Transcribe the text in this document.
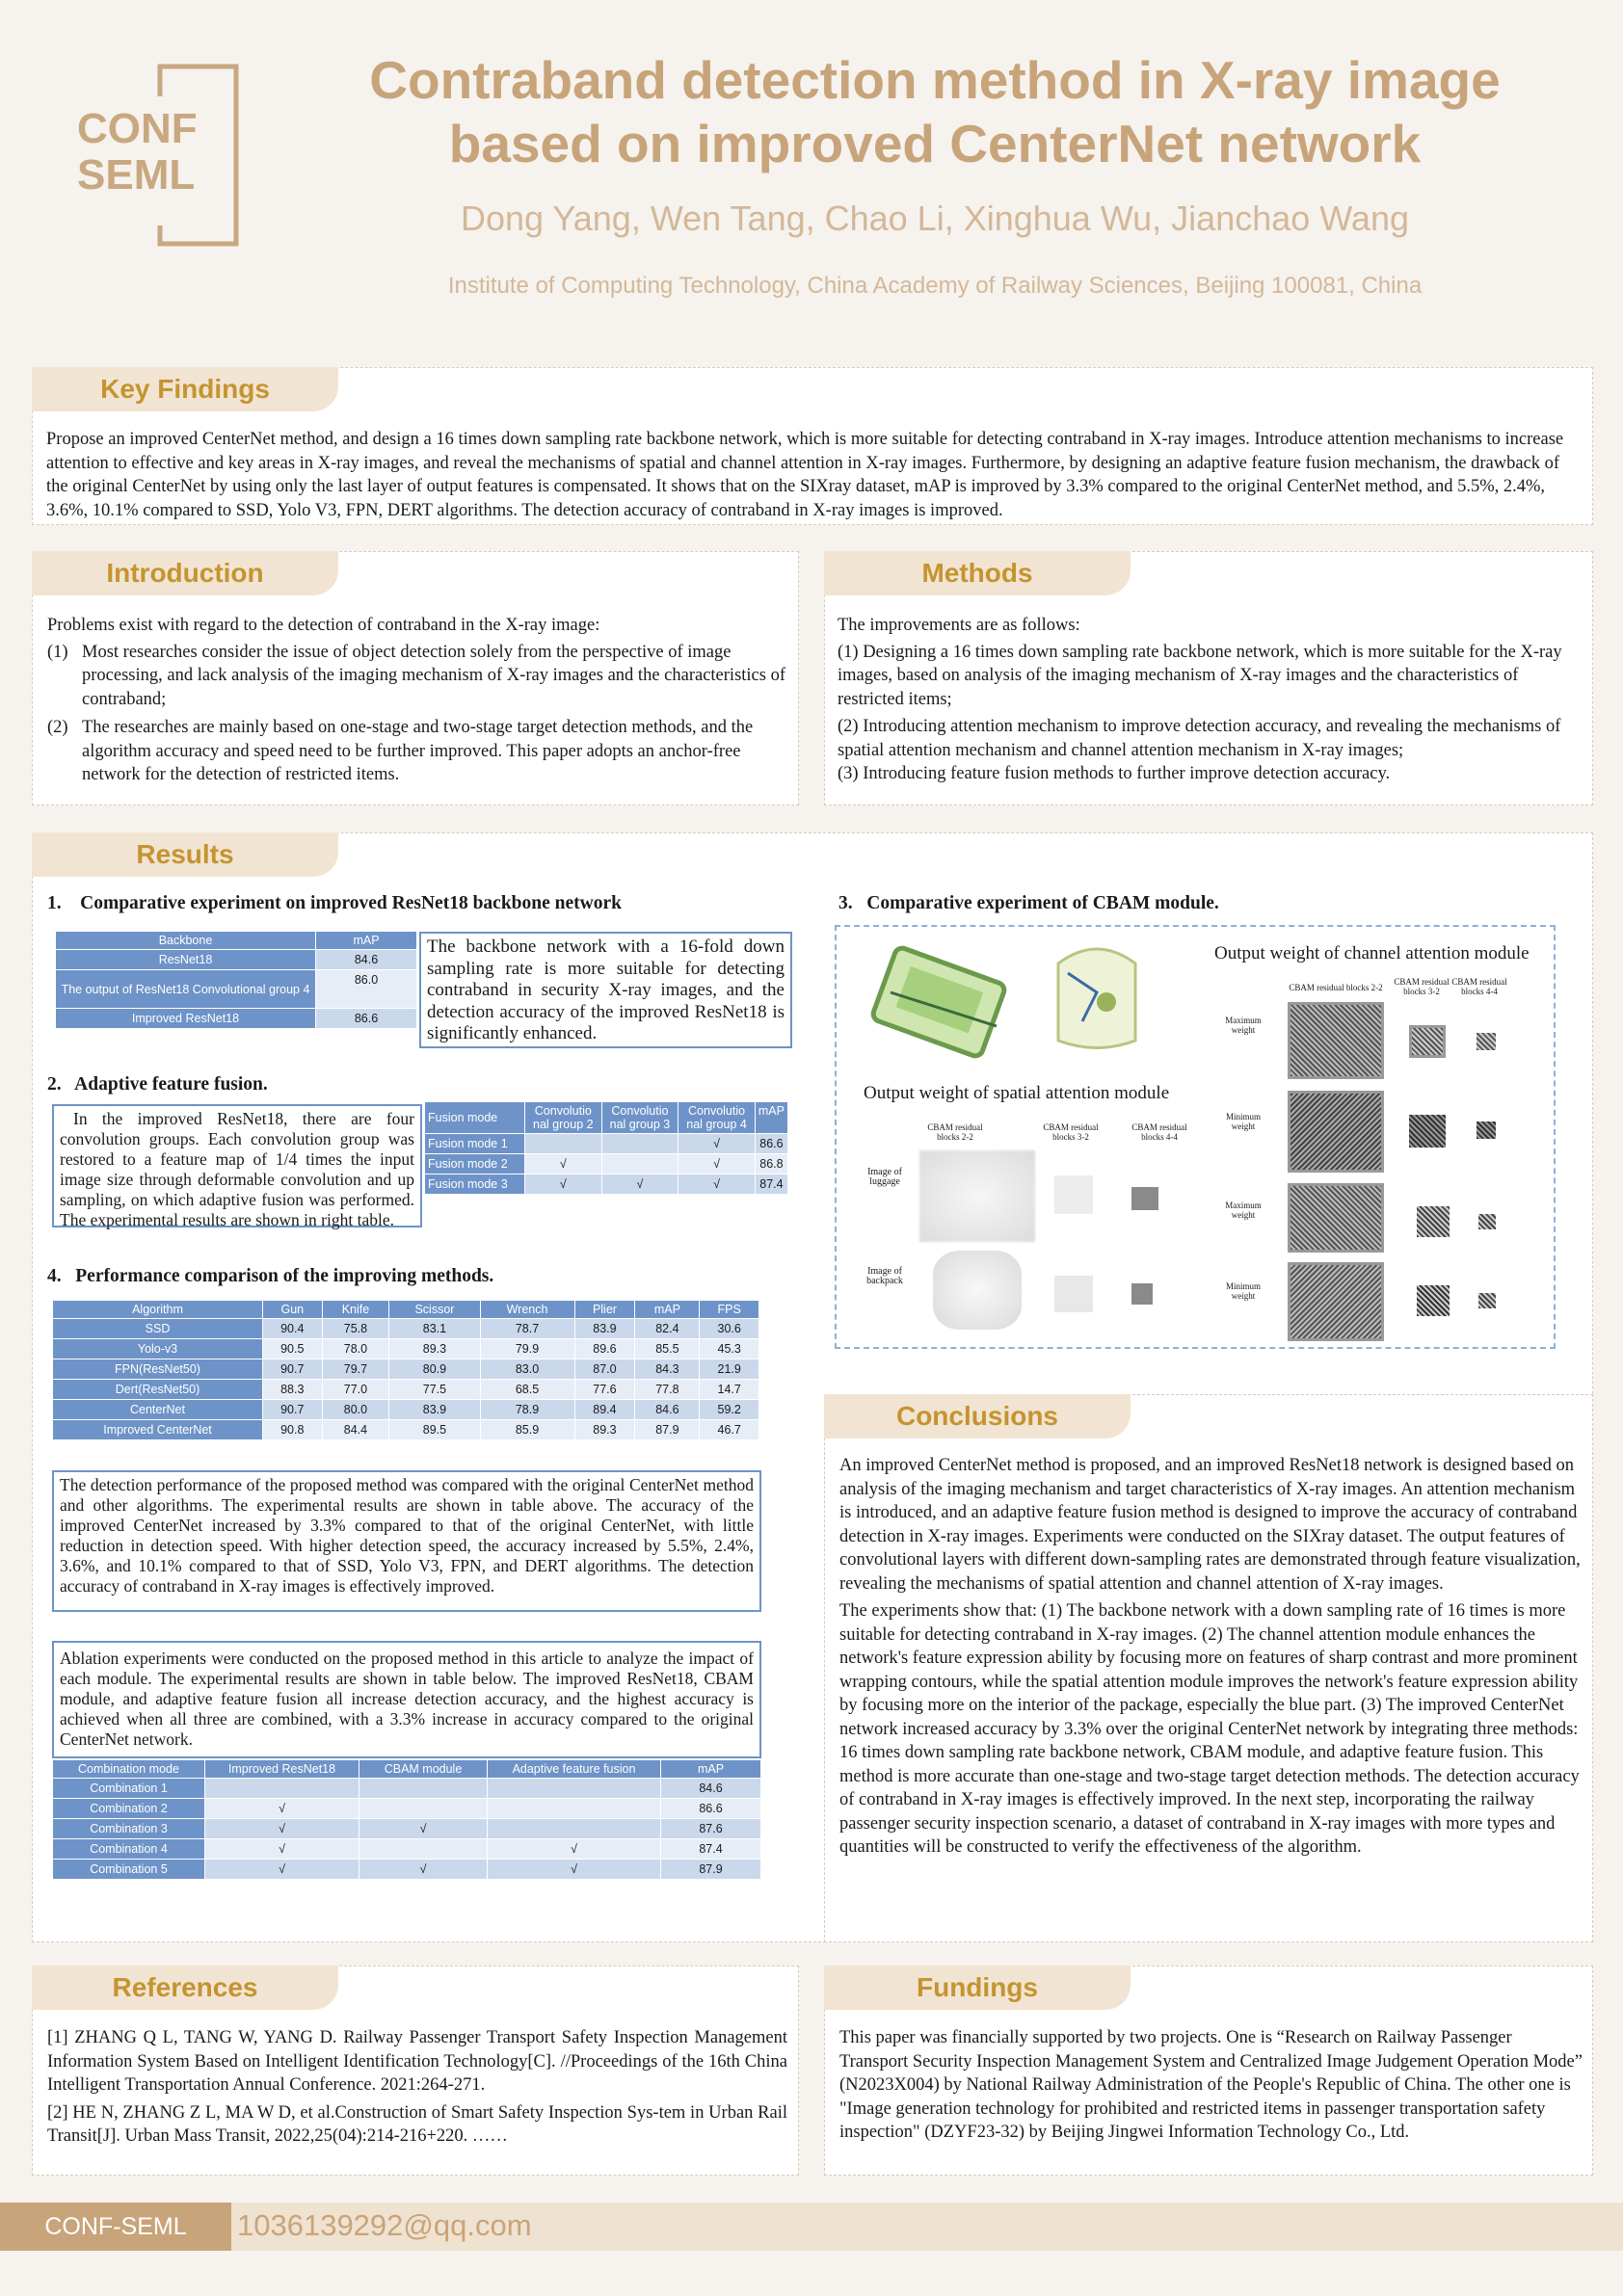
CONF
SEML
Contraband detection method in X-ray image
based on improved CenterNet network
Dong Yang, Wen Tang, Chao Li, Xinghua Wu, Jianchao Wang
Institute of Computing Technology, China Academy of Railway Sciences, Beijing 100081, China
Key Findings
Propose an improved CenterNet method, and design a 16 times down sampling rate backbone network, which is more suitable for detecting contraband in X-ray images. Introduce attention mechanisms to increase attention to effective and key areas in X-ray images, and reveal the mechanisms of spatial and channel attention in X-ray images. Furthermore, by designing an adaptive feature fusion mechanism, the drawback of the original CenterNet by using only the last layer of output features is compensated. It shows that on the SIXray dataset, mAP is improved by 3.3% compared to the original CenterNet method, and 5.5%, 2.4%, 3.6%, 10.1% compared to SSD, Yolo V3, FPN, DERT algorithms. The detection accuracy of contraband in X-ray images is improved.
Introduction
Problems exist with regard to the detection of contraband in the X-ray image:
(1) Most researches consider the issue of object detection solely from the perspective of image processing, and lack analysis of the imaging mechanism of X-ray images and the characteristics of contraband;
(2) The researches are mainly based on one-stage and two-stage target detection methods, and the algorithm accuracy and speed need to be further improved. This paper adopts an anchor-free network for the detection of restricted items.
Methods
The improvements are as follows:
(1) Designing a 16 times down sampling rate backbone network, which is more suitable for the X-ray images, based on analysis of the imaging mechanism of X-ray images and the characteristics of restricted items;
(2) Introducing attention mechanism to improve detection accuracy, and revealing the mechanisms of spatial attention mechanism and channel attention mechanism in X-ray images;
(3) Introducing feature fusion methods to further improve detection accuracy.
Results
1.    Comparative experiment on improved ResNet18 backbone network
Backbone	mAP
ResNet18	84.6
The output of ResNet18 Convolutional group 4	86.0
Improved ResNet18	86.6
The backbone network with a 16-fold down sampling rate is more suitable for detecting contraband in security X-ray images, and the detection accuracy of the improved ResNet18 is significantly enhanced.
2.   Adaptive feature fusion.
In the improved ResNet18, there are four convolution groups. Each convolution group was restored to a feature map of 1/4 times the input image size through deformable convolution and up sampling, on which adaptive fusion was performed. The experimental results are shown in right table.
Fusion mode	Convolutio nal group 2	Convolutio nal group 3	Convolutio nal group 4	mAP
Fusion mode 1			√	86.6
Fusion mode 2	√		√	86.8
Fusion mode 3	√	√	√	87.4
4.   Performance comparison of the improving methods.
Algorithm	Gun	Knife	Scissor	Wrench	Plier	mAP	FPS
SSD	90.4	75.8	83.1	78.7	83.9	82.4	30.6
Yolo-v3	90.5	78.0	89.3	79.9	89.6	85.5	45.3
FPN(ResNet50)	90.7	79.7	80.9	83.0	87.0	84.3	21.9
Dert(ResNet50)	88.3	77.0	77.5	68.5	77.6	77.8	14.7
CenterNet	90.7	80.0	83.9	78.9	89.4	84.6	59.2
Improved CenterNet	90.8	84.4	89.5	85.9	89.3	87.9	46.7
The detection performance of the proposed method was compared with the original CenterNet method and other algorithms. The experimental results are shown in table above. The accuracy of the improved CenterNet increased by 3.3% compared to that of the original CenterNet, with little reduction in detection speed. With higher detection speed, the accuracy increased by 5.5%, 2.4%, 3.6%, and 10.1% compared to that of SSD, Yolo V3, FPN, and DERT algorithms. The detection accuracy of contraband in X-ray images is effectively improved.
Ablation experiments were conducted on the proposed method in this article to analyze the impact of each module. The experimental results are shown in table below. The improved ResNet18, CBAM module, and adaptive feature fusion all increase detection accuracy, and the highest accuracy is achieved when all three are combined, with a 3.3% increase in accuracy compared to the original CenterNet network.
Combination mode	Improved ResNet18	CBAM module	Adaptive feature fusion	mAP
Combination 1				84.6
Combination 2	√			86.6
Combination 3	√	√		87.6
Combination 4	√		√	87.4
Combination 5	√	√	√	87.9
3.   Comparative experiment of CBAM module.
Output weight of channel attention module
CBAM residual blocks 2-2
CBAM residual blocks 3-2
CBAM residual blocks 4-4
Maximum weight
Minimum weight
Maximum weight
Minimum weight
Output weight of spatial attention module
CBAM residual blocks 2-2
CBAM residual blocks 3-2
CBAM residual blocks 4-4
Image of luggage
Image of backpack
Conclusions
An improved CenterNet method is proposed, and an improved ResNet18 network is designed based on analysis of the imaging mechanism and target characteristics of X-ray images. An attention mechanism is introduced, and an adaptive feature fusion method is designed to improve the accuracy of contraband detection in X-ray images. Experiments were conducted on the SIXray dataset. The output features of convolutional layers with different down-sampling rates are demonstrated through feature visualization, revealing the mechanisms of spatial attention and channel attention of X-ray images.
The experiments show that: (1) The backbone network with a down sampling rate of 16 times is more suitable for detecting contraband in X-ray images. (2) The channel attention module enhances the network's feature expression ability by focusing more on features of sharp contrast and more prominent wrapping contours, while the spatial attention module improves the network's feature expression ability by focusing more on the interior of the package, especially the blue part. (3) The improved CenterNet network increased accuracy by 3.3% over the original CenterNet network by integrating three methods: 16 times down sampling rate backbone network, CBAM module, and adaptive feature fusion. This method is more accurate than one-stage and two-stage target detection methods. The detection accuracy of contraband in X-ray images is effectively improved. In the next step, incorporating the railway passenger security inspection scenario, a dataset of contraband in X-ray images with more types and quantities will be constructed to verify the effectiveness of the algorithm.
References
[1] ZHANG Q L, TANG W, YANG D. Railway Passenger Transport Safety Inspection Management Information System Based on Intelligent Identification Technology[C]. //Proceedings of the 16th China Intelligent Transportation Annual Conference. 2021:264-271.
[2] HE N, ZHANG Z L, MA W D, et al.Construction of Smart Safety Inspection Sys-tem in Urban Rail Transit[J]. Urban Mass Transit, 2022,25(04):214-216+220. ……
Fundings
This paper was financially supported by two projects. One is “Research on Railway Passenger Transport Security Inspection Management System and Centralized Image Judgement Operation Mode” (N2023X004) by National Railway Administration of the People's Republic of China. The other one is "Image generation technology for prohibited and restricted items in passenger transportation safety inspection" (DZYF23-32) by Beijing Jingwei Information Technology Co., Ltd.
CONF-SEML	1036139292@qq.com
